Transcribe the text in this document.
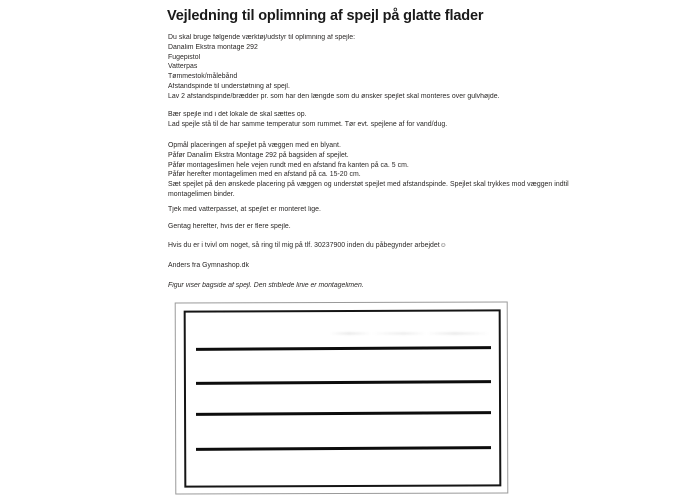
Vejledning til oplimning af spejl på glatte flader
Du skal bruge følgende værktøj/udstyr til oplimning af spejle:
Danalim Ekstra montage 292
Fugepistol
Vatterpas
Tømmestok/målebånd
Afstandspinde til understøtning af spejl.
Lav 2 afstandspinde/brædder pr. som har den længde som du ønsker spejlet skal monteres over gulvhøjde.
Bær spejle ind i det lokale de skal sættes op.
Lad spejle stå til de har samme temperatur som rummet. Tør evt. spejlene af for vand/dug.
Opmål placeringen af spejlet på væggen med en blyant.
Påfør Danalim Ekstra Montage 292 på bagsiden af spejlet.
Påfør montageslimen hele vejen rundt med en afstand fra kanten på ca. 5 cm.
Påfør herefter montagelimen med en afstand på ca. 15-20 cm.
Sæt spejlet på den ønskede placering på væggen og understøt spejlet med afstandspinde. Spejlet skal trykkes mod væggen indtil montagelimen binder.
Tjek med vatterpasset, at spejlet er monteret lige.
Gentag herefter, hvis der er flere spejle.
Hvis du er i tvivl om noget, så ring til mig på tlf. 30237900 inden du påbegynder arbejdet☺
Anders fra Gymnashop.dk
Figur viser bagside af spejl. Den striblede linie er montagelimen.
